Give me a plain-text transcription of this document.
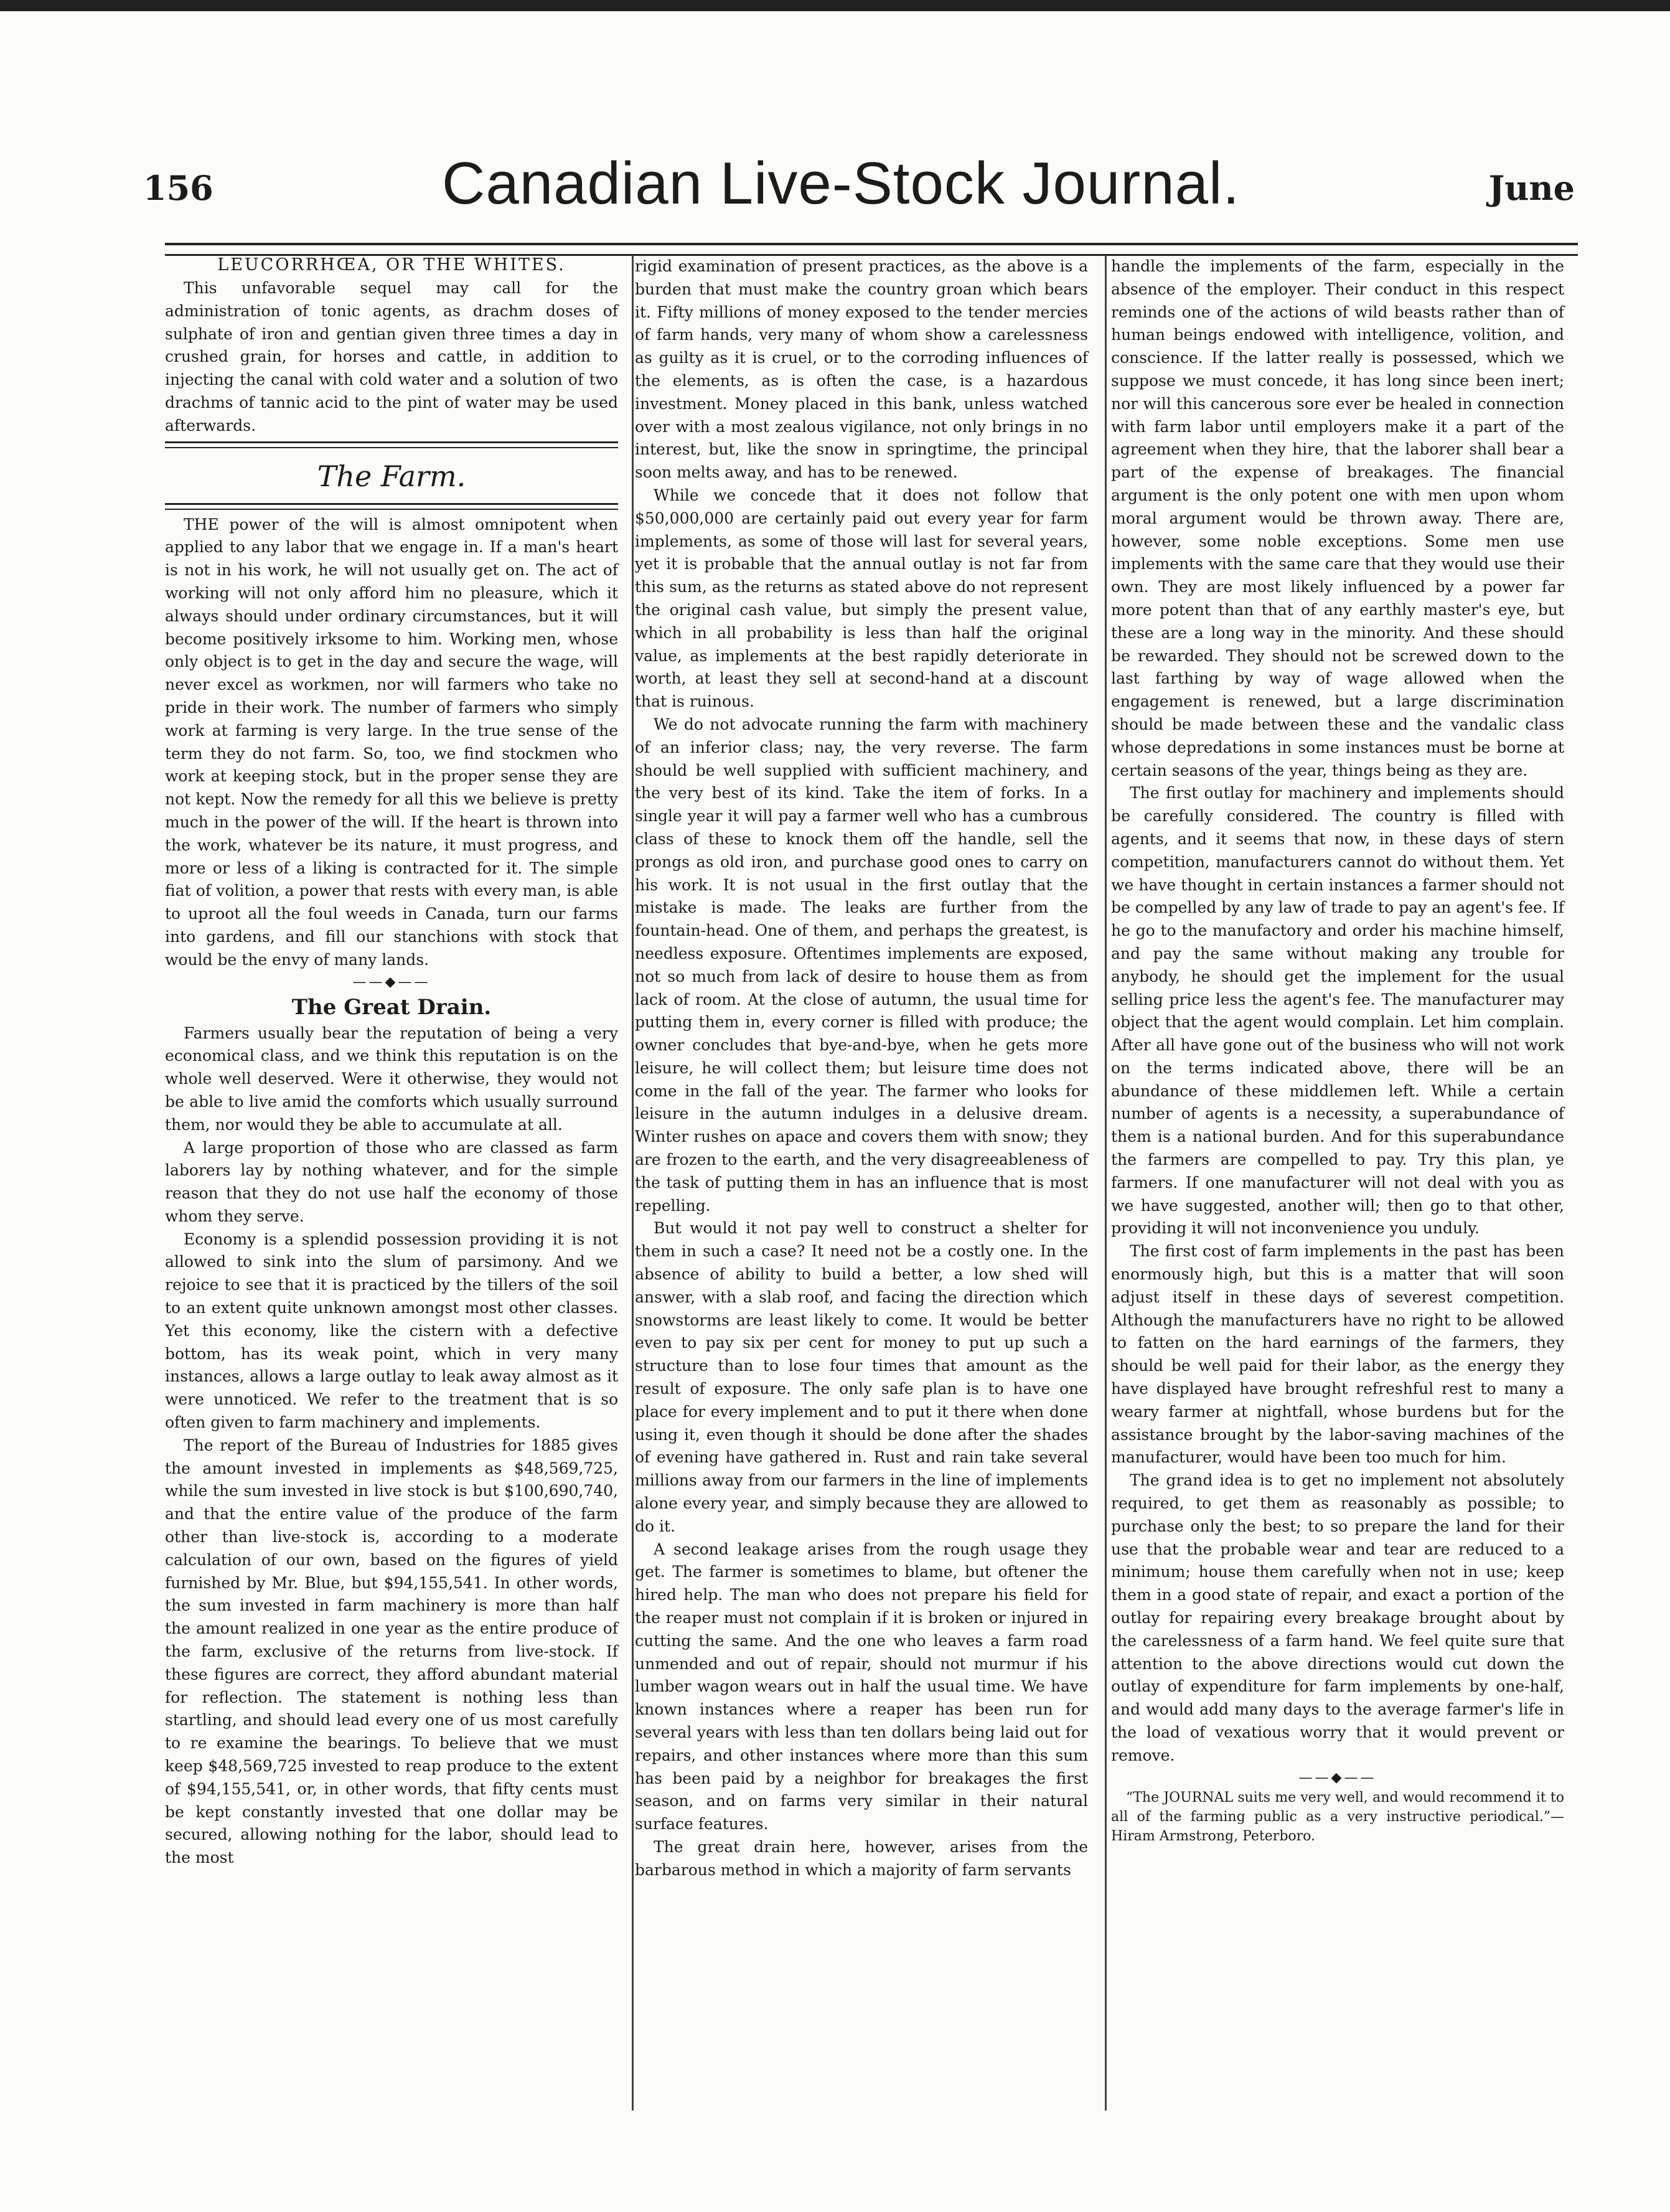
156	Canadian Live-Stock Journal.	June
LEUCORRHŒA, OR THE WHITES.

This unfavorable sequel may call for the administration of tonic agents, as drachm doses of sulphate of iron and gentian given three times a day in crushed grain, for horses and cattle, in addition to injecting the canal with cold water and a solution of two drachms of tannic acid to the pint of water may be used afterwards.

The Farm.

THE power of the will is almost omnipotent when applied to any labor that we engage in. If a man's heart is not in his work, he will not usually get on. The act of working will not only afford him no pleasure, which it always should under ordinary circumstances, but it will become positively irksome to him. Working men, whose only object is to get in the day and secure the wage, will never excel as workmen, nor will farmers who take no pride in their work. The number of farmers who simply work at farming is very large. In the true sense of the term they do not farm. So, too, we find stockmen who work at keeping stock, but in the proper sense they are not kept. Now the remedy for all this we believe is pretty much in the power of the will. If the heart is thrown into the work, whatever be its nature, it must progress, and more or less of a liking is contracted for it. The simple fiat of volition, a power that rests with every man, is able to uproot all the foul weeds in Canada, turn our farms into gardens, and fill our stanchions with stock that would be the envy of many lands.

——◆——
The Great Drain.

Farmers usually bear the reputation of being a very economical class, and we think this reputation is on the whole well deserved. Were it otherwise, they would not be able to live amid the comforts which usually surround them, nor would they be able to accumulate at all.

A large proportion of those who are classed as farm laborers lay by nothing whatever, and for the simple reason that they do not use half the economy of those whom they serve.

Economy is a splendid possession providing it is not allowed to sink into the slum of parsimony. And we rejoice to see that it is practiced by the tillers of the soil to an extent quite unknown amongst most other classes. Yet this economy, like the cistern with a defective bottom, has its weak point, which in very many instances, allows a large outlay to leak away almost as it were unnoticed. We refer to the treatment that is so often given to farm machinery and implements.

The report of the Bureau of Industries for 1885 gives the amount invested in implements as $48,569,725, while the sum invested in live stock is but $100,690,740, and that the entire value of the produce of the farm other than live-stock is, according to a moderate calculation of our own, based on the figures of yield furnished by Mr. Blue, but $94,155,541. In other words, the sum invested in farm machinery is more than half the amount realized in one year as the entire produce of the farm, exclusive of the returns from live-stock. If these figures are correct, they afford abundant material for reflection. The statement is nothing less than startling, and should lead every one of us most carefully to re examine the bearings. To believe that we must keep $48,569,725 invested to reap produce to the extent of $94,155,541, or, in other words, that fifty cents must be kept constantly invested that one dollar may be secured, allowing nothing for the labor, should lead to the most

rigid examination of present practices, as the above is a burden that must make the country groan which bears it. Fifty millions of money exposed to the tender mercies of farm hands, very many of whom show a carelessness as guilty as it is cruel, or to the corroding influences of the elements, as is often the case, is a hazardous investment. Money placed in this bank, unless watched over with a most zealous vigilance, not only brings in no interest, but, like the snow in springtime, the principal soon melts away, and has to be renewed.

While we concede that it does not follow that $50,000,000 are certainly paid out every year for farm implements, as some of those will last for several years, yet it is probable that the annual outlay is not far from this sum, as the returns as stated above do not represent the original cash value, but simply the present value, which in all probability is less than half the original value, as implements at the best rapidly deteriorate in worth, at least they sell at second-hand at a discount that is ruinous.

We do not advocate running the farm with machinery of an inferior class; nay, the very reverse. The farm should be well supplied with sufficient machinery, and the very best of its kind. Take the item of forks. In a single year it will pay a farmer well who has a cumbrous class of these to knock them off the handle, sell the prongs as old iron, and purchase good ones to carry on his work. It is not usual in the first outlay that the mistake is made. The leaks are further from the fountain-head. One of them, and perhaps the greatest, is needless exposure. Oftentimes implements are exposed, not so much from lack of desire to house them as from lack of room. At the close of autumn, the usual time for putting them in, every corner is filled with produce; the owner concludes that bye-and-bye, when he gets more leisure, he will collect them; but leisure time does not come in the fall of the year. The farmer who looks for leisure in the autumn indulges in a delusive dream. Winter rushes on apace and covers them with snow; they are frozen to the earth, and the very disagreeableness of the task of putting them in has an influence that is most repelling.

But would it not pay well to construct a shelter for them in such a case? It need not be a costly one. In the absence of ability to build a better, a low shed will answer, with a slab roof, and facing the direction which snowstorms are least likely to come. It would be better even to pay six per cent for money to put up such a structure than to lose four times that amount as the result of exposure. The only safe plan is to have one place for every implement and to put it there when done using it, even though it should be done after the shades of evening have gathered in. Rust and rain take several millions away from our farmers in the line of implements alone every year, and simply because they are allowed to do it.

A second leakage arises from the rough usage they get. The farmer is sometimes to blame, but oftener the hired help. The man who does not prepare his field for the reaper must not complain if it is broken or injured in cutting the same. And the one who leaves a farm road unmended and out of repair, should not murmur if his lumber wagon wears out in half the usual time. We have known instances where a reaper has been run for several years with less than ten dollars being laid out for repairs, and other instances where more than this sum has been paid by a neighbor for breakages the first season, and on farms very similar in their natural surface features.

The great drain here, however, arises from the barbarous method in which a majority of farm servants

handle the implements of the farm, especially in the absence of the employer. Their conduct in this respect reminds one of the actions of wild beasts rather than of human beings endowed with intelligence, volition, and conscience. If the latter really is possessed, which we suppose we must concede, it has long since been inert; nor will this cancerous sore ever be healed in connection with farm labor until employers make it a part of the agreement when they hire, that the laborer shall bear a part of the expense of breakages. The financial argument is the only potent one with men upon whom moral argument would be thrown away. There are, however, some noble exceptions. Some men use implements with the same care that they would use their own. They are most likely influenced by a power far more potent than that of any earthly master's eye, but these are a long way in the minority. And these should be rewarded. They should not be screwed down to the last farthing by way of wage allowed when the engagement is renewed, but a large discrimination should be made between these and the vandalic class whose depredations in some instances must be borne at certain seasons of the year, things being as they are.

The first outlay for machinery and implements should be carefully considered. The country is filled with agents, and it seems that now, in these days of stern competition, manufacturers cannot do without them. Yet we have thought in certain instances a farmer should not be compelled by any law of trade to pay an agent's fee. If he go to the manufactory and order his machine himself, and pay the same without making any trouble for anybody, he should get the implement for the usual selling price less the agent's fee. The manufacturer may object that the agent would complain. Let him complain. After all have gone out of the business who will not work on the terms indicated above, there will be an abundance of these middlemen left. While a certain number of agents is a necessity, a superabundance of them is a national burden. And for this superabundance the farmers are compelled to pay. Try this plan, ye farmers. If one manufacturer will not deal with you as we have suggested, another will; then go to that other, providing it will not inconvenience you unduly.

The first cost of farm implements in the past has been enormously high, but this is a matter that will soon adjust itself in these days of severest competition. Although the manufacturers have no right to be allowed to fatten on the hard earnings of the farmers, they should be well paid for their labor, as the energy they have displayed have brought refreshful rest to many a weary farmer at nightfall, whose burdens but for the assistance brought by the labor-saving machines of the manufacturer, would have been too much for him.

The grand idea is to get no implement not absolutely required, to get them as reasonably as possible; to purchase only the best; to so prepare the land for their use that the probable wear and tear are reduced to a minimum; house them carefully when not in use; keep them in a good state of repair, and exact a portion of the outlay for repairing every breakage brought about by the carelessness of a farm hand. We feel quite sure that attention to the above directions would cut down the outlay of expenditure for farm implements by one-half, and would add many days to the average farmer's life in the load of vexatious worry that it would prevent or remove.

——◆——

“The JOURNAL suits me very well, and would recommend it to all of the farming public as a very instructive periodical.”—Hiram Armstrong, Peterboro.
